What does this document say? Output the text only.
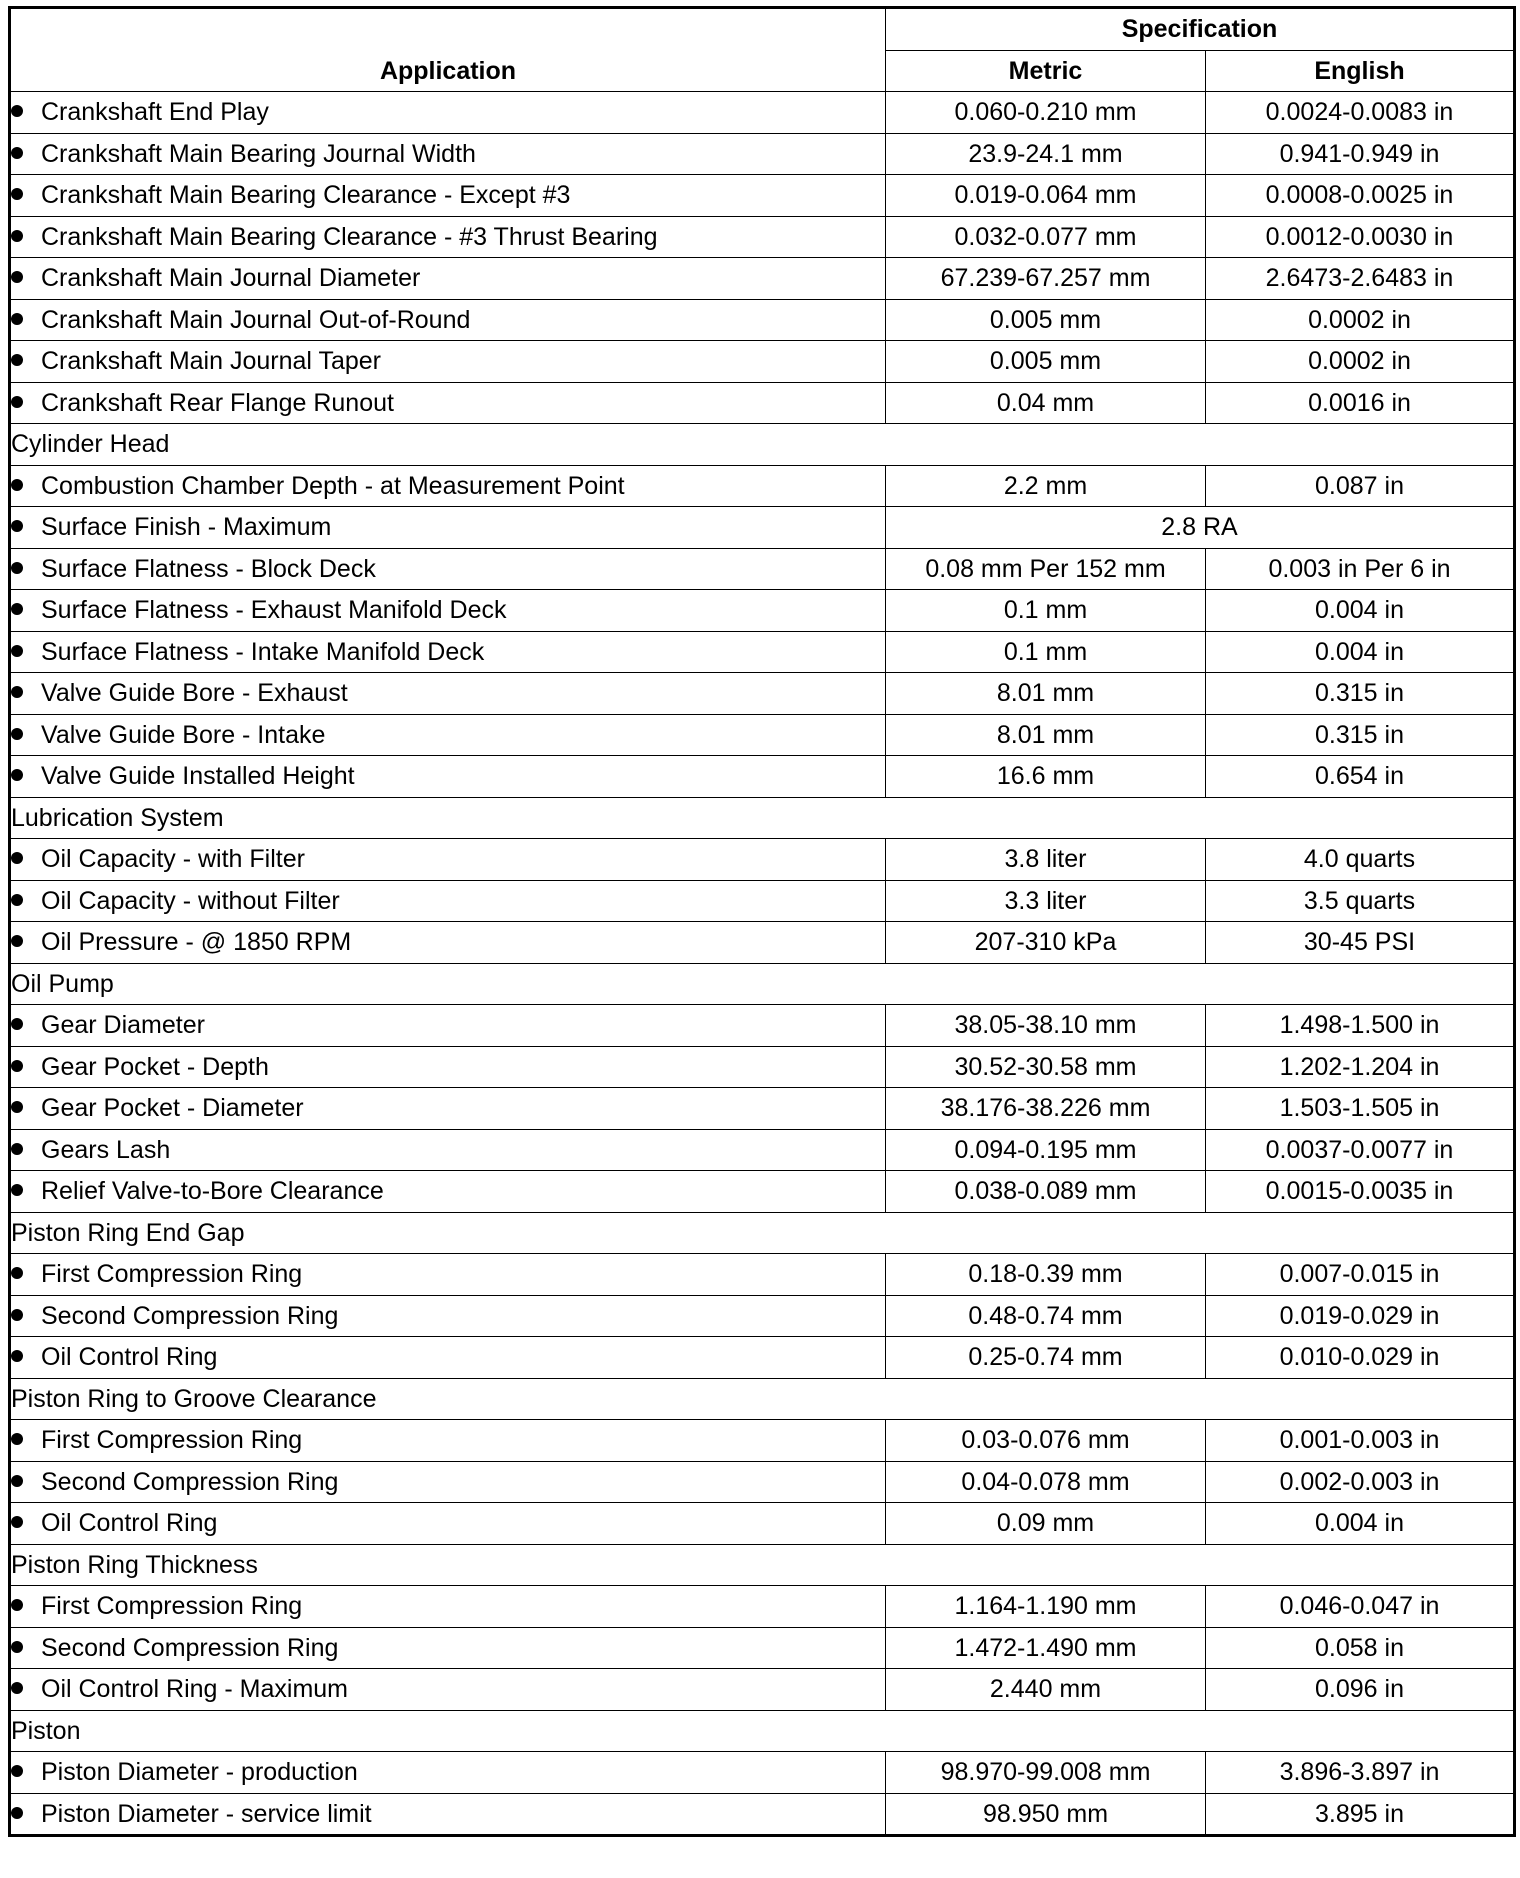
Application	Specification	
	Metric	English
Crankshaft End Play	0.060-0.210 mm	0.0024-0.0083 in
Crankshaft Main Bearing Journal Width	23.9-24.1 mm	0.941-0.949 in
Crankshaft Main Bearing Clearance - Except #3	0.019-0.064 mm	0.0008-0.0025 in
Crankshaft Main Bearing Clearance - #3 Thrust Bearing	0.032-0.077 mm	0.0012-0.0030 in
Crankshaft Main Journal Diameter	67.239-67.257 mm	2.6473-2.6483 in
Crankshaft Main Journal Out-of-Round	0.005 mm	0.0002 in
Crankshaft Main Journal Taper	0.005 mm	0.0002 in
Crankshaft Rear Flange Runout	0.04 mm	0.0016 in
Cylinder Head		
Combustion Chamber Depth - at Measurement Point	2.2 mm	0.087 in
Surface Finish - Maximum	2.8 RA	
Surface Flatness - Block Deck	0.08 mm Per 152 mm	0.003 in Per 6 in
Surface Flatness - Exhaust Manifold Deck	0.1 mm	0.004 in
Surface Flatness - Intake Manifold Deck	0.1 mm	0.004 in
Valve Guide Bore - Exhaust	8.01 mm	0.315 in
Valve Guide Bore - Intake	8.01 mm	0.315 in
Valve Guide Installed Height	16.6 mm	0.654 in
Lubrication System		
Oil Capacity - with Filter	3.8 liter	4.0 quarts
Oil Capacity - without Filter	3.3 liter	3.5 quarts
Oil Pressure - @ 1850 RPM	207-310 kPa	30-45 PSI
Oil Pump		
Gear Diameter	38.05-38.10 mm	1.498-1.500 in
Gear Pocket - Depth	30.52-30.58 mm	1.202-1.204 in
Gear Pocket - Diameter	38.176-38.226 mm	1.503-1.505 in
Gears Lash	0.094-0.195 mm	0.0037-0.0077 in
Relief Valve-to-Bore Clearance	0.038-0.089 mm	0.0015-0.0035 in
Piston Ring End Gap		
First Compression Ring	0.18-0.39 mm	0.007-0.015 in
Second Compression Ring	0.48-0.74 mm	0.019-0.029 in
Oil Control Ring	0.25-0.74 mm	0.010-0.029 in
Piston Ring to Groove Clearance		
First Compression Ring	0.03-0.076 mm	0.001-0.003 in
Second Compression Ring	0.04-0.078 mm	0.002-0.003 in
Oil Control Ring	0.09 mm	0.004 in
Piston Ring Thickness		
First Compression Ring	1.164-1.190 mm	0.046-0.047 in
Second Compression Ring	1.472-1.490 mm	0.058 in
Oil Control Ring - Maximum	2.440 mm	0.096 in
Piston		
Piston Diameter - production	98.970-99.008 mm	3.896-3.897 in
Piston Diameter - service limit	98.950 mm	3.895 in
